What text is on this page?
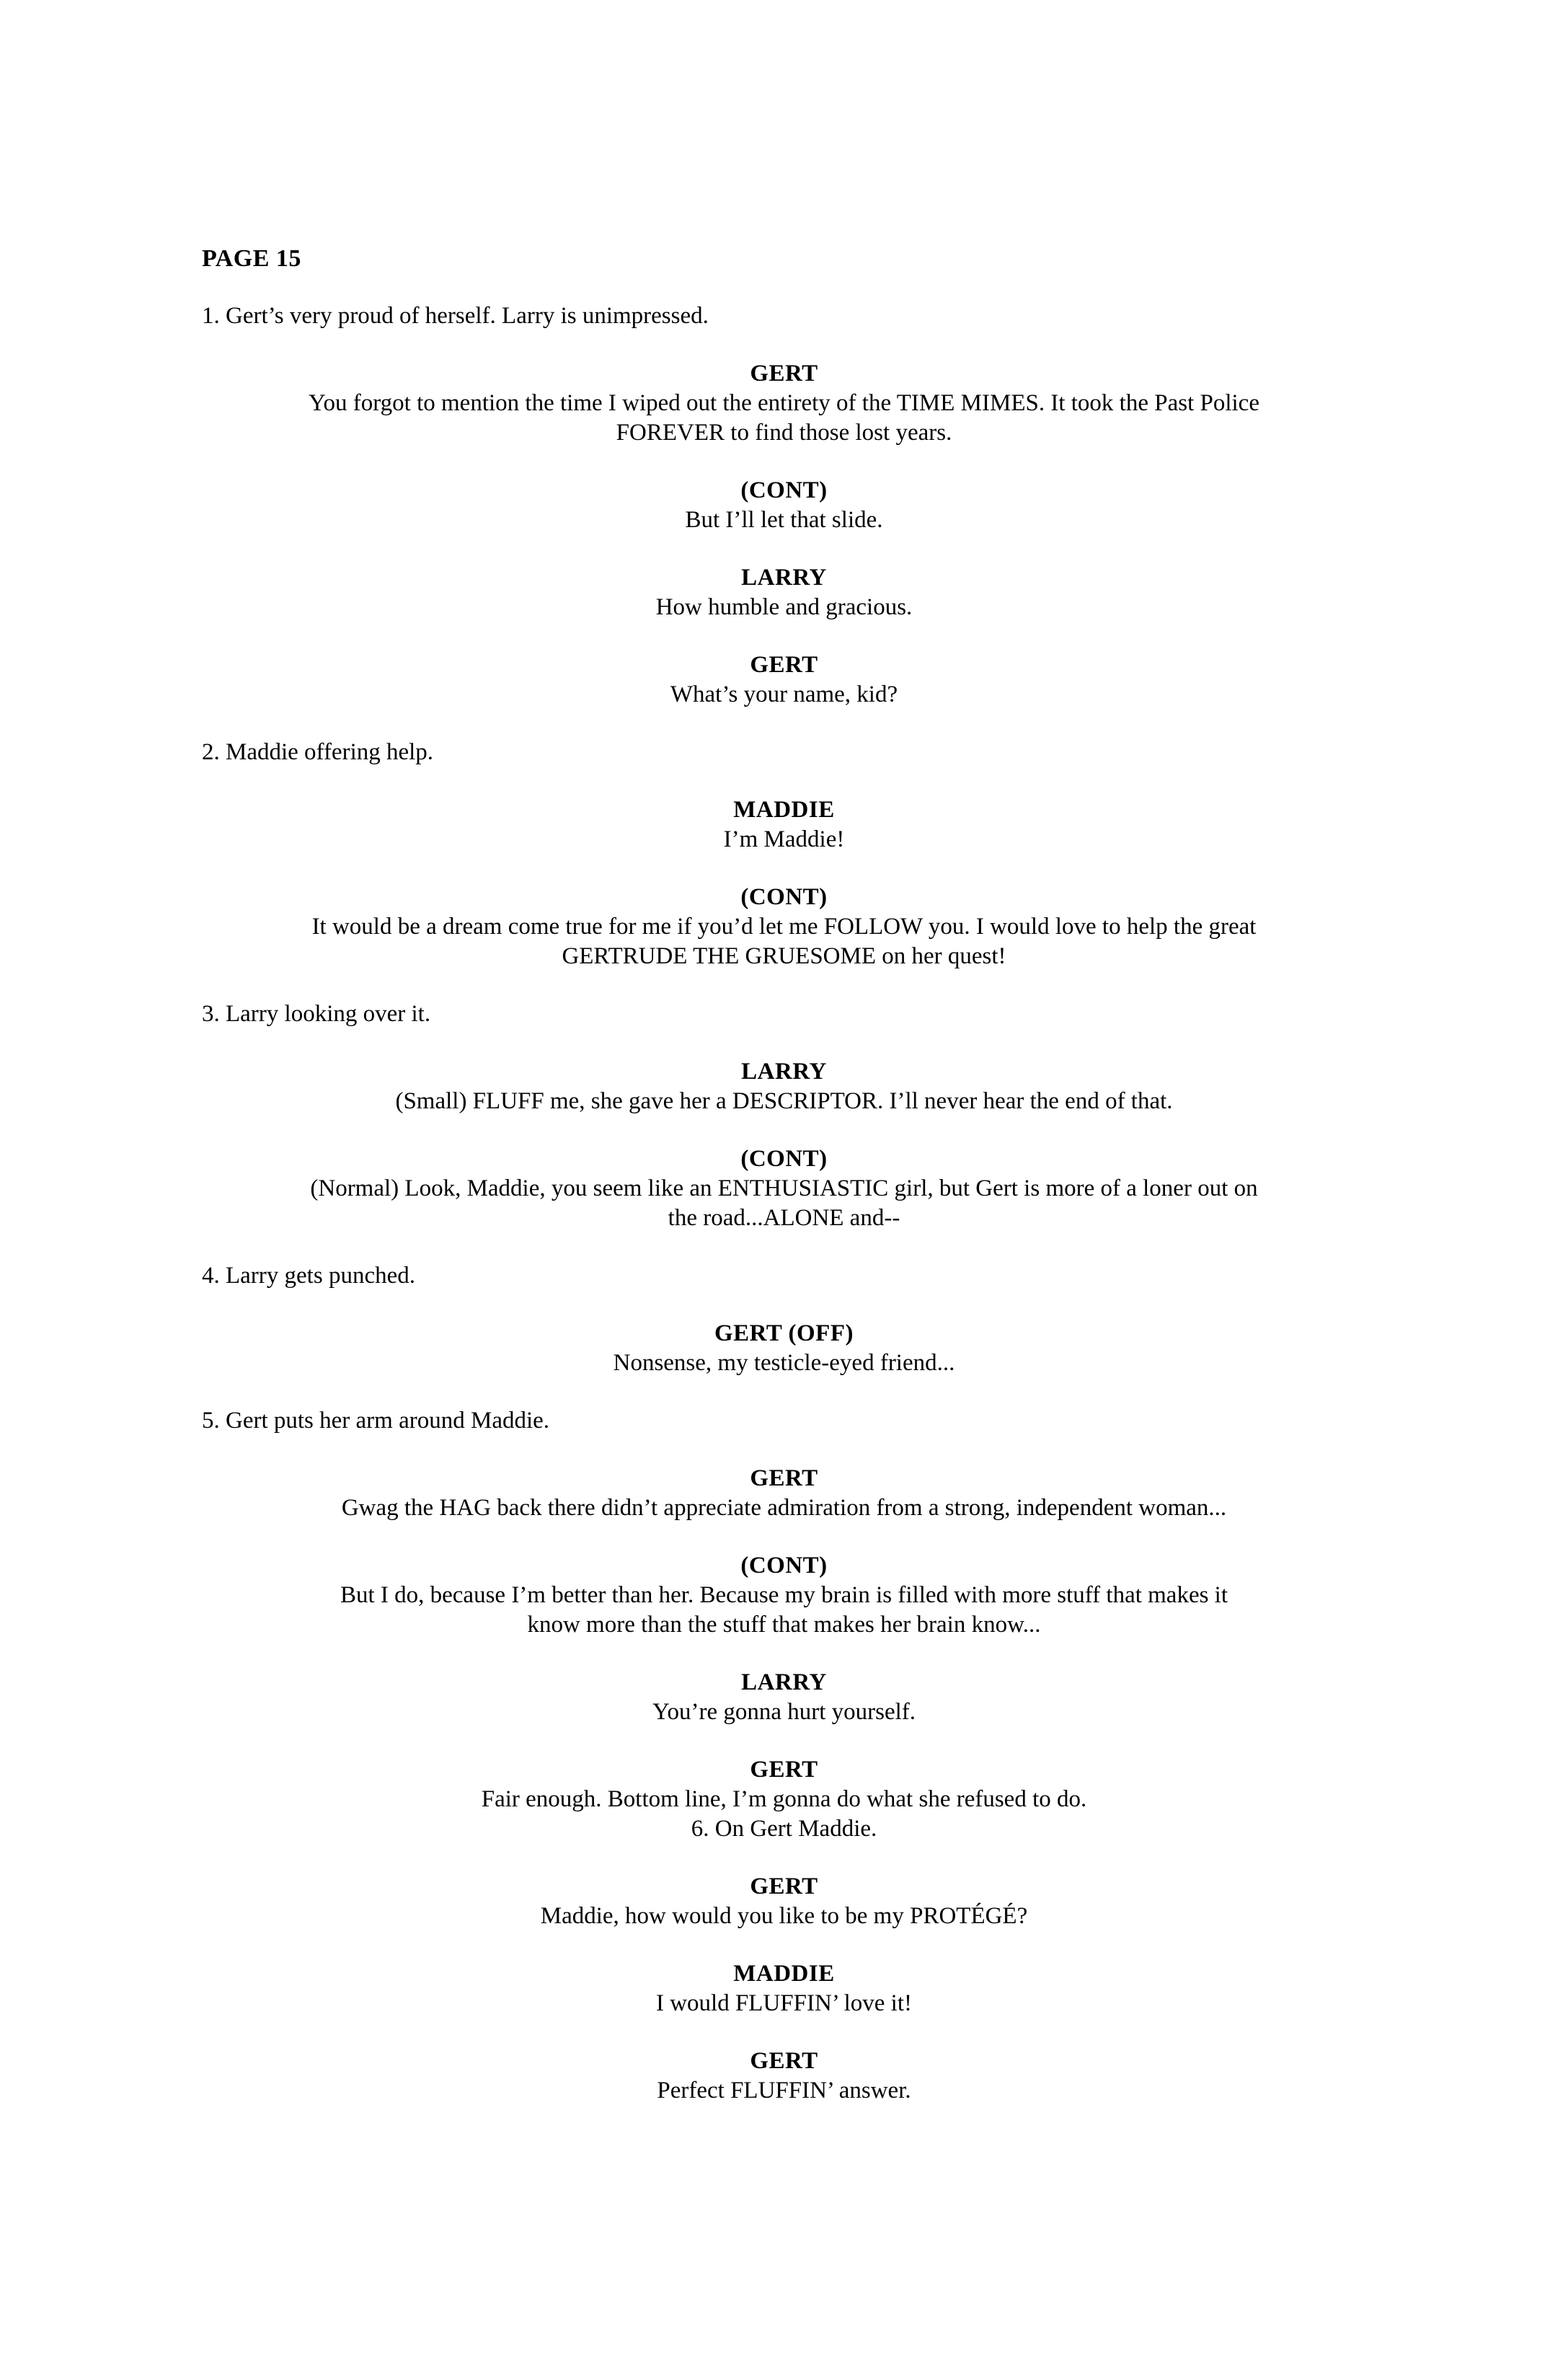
PAGE 15

1. Gert’s very proud of herself. Larry is unimpressed.

GERT
You forgot to mention the time I wiped out the entirety of the TIME MIMES. It took the Past Police
FOREVER to find those lost years.
(CONT)
But I’ll let that slide.
LARRY
How humble and gracious.
GERT
What’s your name, kid?

2. Maddie offering help.

MADDIE
I’m Maddie!
(CONT)
It would be a dream come true for me if you’d let me FOLLOW you. I would love to help the great
GERTRUDE THE GRUESOME on her quest!

3. Larry looking over it.

LARRY
(Small) FLUFF me, she gave her a DESCRIPTOR. I’ll never hear the end of that.
(CONT)
(Normal) Look, Maddie, you seem like an ENTHUSIASTIC girl, but Gert is more of a loner out on
the road...ALONE and--

4. Larry gets punched.

GERT (OFF)
Nonsense, my testicle-eyed friend...

5. Gert puts her arm around Maddie.

GERT
Gwag the HAG back there didn’t appreciate admiration from a strong, independent woman...
(CONT)
But I do, because I’m better than her. Because my brain is filled with more stuff that makes it
know more than the stuff that makes her brain know...
LARRY
You’re gonna hurt yourself.
GERT
Fair enough. Bottom line, I’m gonna do what she refused to do.
6. On Gert Maddie.
GERT
Maddie, how would you like to be my PROTÉGÉ?
MADDIE
I would FLUFFIN’ love it!
GERT
Perfect FLUFFIN’ answer.
